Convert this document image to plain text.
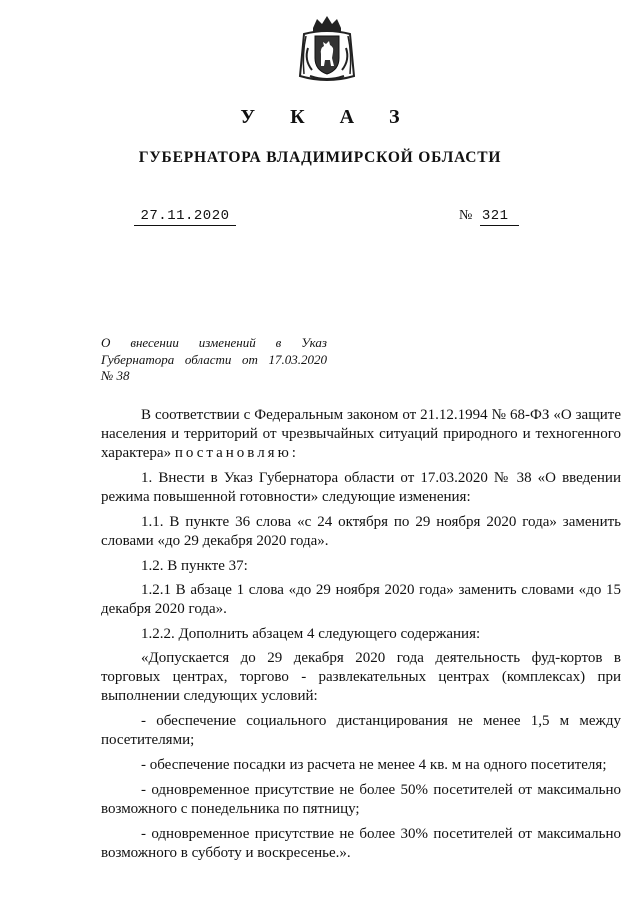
У К А З
ГУБЕРНАТОРА ВЛАДИМИРСКОЙ ОБЛАСТИ
27.11.2020	№ 321
О внесении изменений в Указ
Губернатора области от 17.03.2020
№ 38

В соответствии с Федеральным законом от 21.12.1994 № 68-ФЗ «О защите населения и территорий от чрезвычайных ситуаций природного и техногенного характера» постановляю:

1. Внести в Указ Губернатора области от 17.03.2020 № 38 «О введении режима повышенной готовности» следующие изменения:

1.1. В пункте 36 слова «с 24 октября по 29 ноября 2020 года» заменить словами «до 29 декабря 2020 года».

1.2. В пункте 37:

1.2.1 В абзаце 1 слова «до 29 ноября 2020 года» заменить словами «до 15 декабря 2020 года».

1.2.2. Дополнить абзацем 4 следующего содержания:

«Допускается до 29 декабря 2020 года деятельность фуд-кортов в торговых центрах, торгово - развлекательных центрах (комплексах) при выполнении следующих условий:

- обеспечение социального дистанцирования не менее 1,5 м между посетителями;

- обеспечение посадки из расчета не менее 4 кв. м на одного посетителя;

- одновременное присутствие не более 50% посетителей от максимально возможного с понедельника по пятницу;

- одновременное присутствие не более 30% посетителей от максимально возможного в субботу и воскресенье.».
